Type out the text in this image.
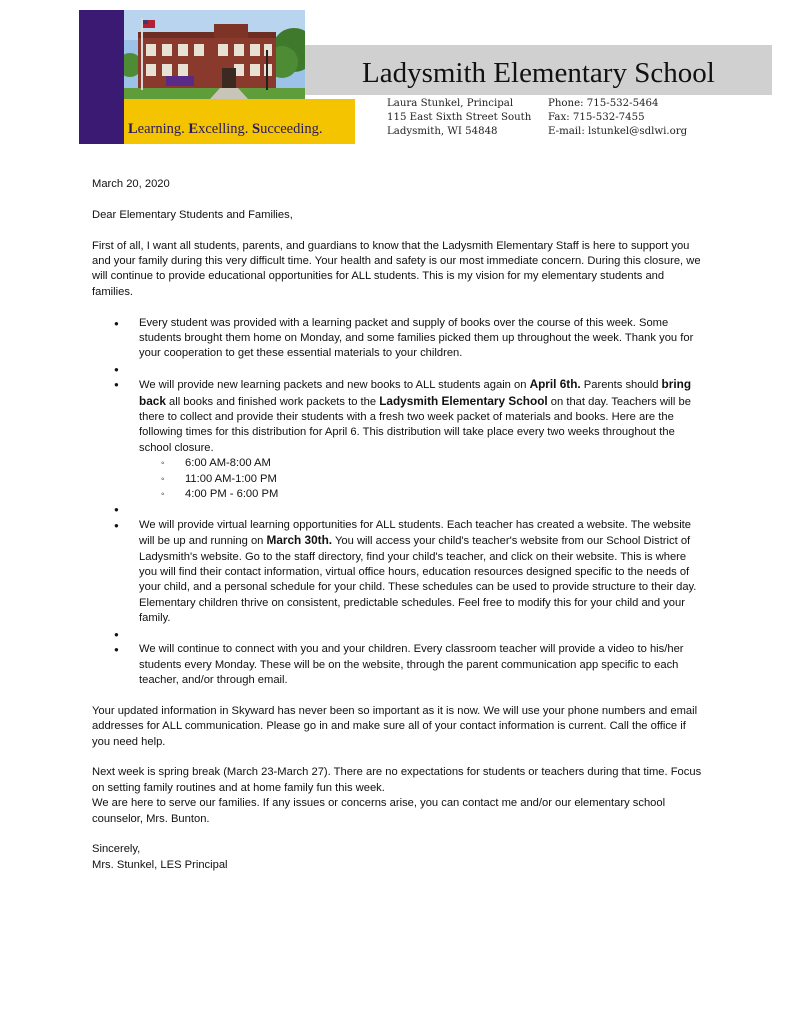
Learning. Excelling. Succeeding.
Ladysmith Elementary School
Laura Stunkel, Principal
115 East Sixth Street South
Ladysmith, WI 54848
Phone: 715-532-5464
Fax: 715-532-7455
E-mail: lstunkel@sdlwi.org

March 20, 2020

Dear Elementary Students and Families,

First of all, I want all students, parents, and guardians to know that the Ladysmith Elementary Staff is here to support you and your family during this very difficult time. Your health and safety is our most immediate concern. During this closure, we will continue to provide educational opportunities for ALL students. This is my vision for my elementary students and families.

● Every student was provided with a learning packet and supply of books over the course of this week. Some students brought them home on Monday, and some families picked them up throughout the week. Thank you for your cooperation to get these essential materials to your children.
●
● We will provide new learning packets and new books to ALL students again on April 6th. Parents should bring back all books and finished work packets to the Ladysmith Elementary School on that day. Teachers will be there to collect and provide their students with a fresh two week packet of materials and books. Here are the following times for this distribution for April 6. This distribution will take place every two weeks throughout the school closure.
◦ 6:00 AM-8:00 AM
◦ 11:00 AM-1:00 PM
◦ 4:00 PM - 6:00 PM
●
● We will provide virtual learning opportunities for ALL students. Each teacher has created a website. The website will be up and running on March 30th. You will access your child's teacher's website from our School District of Ladysmith's website. Go to the staff directory, find your child's teacher, and click on their website. This is where you will find their contact information, virtual office hours, education resources designed specific to the needs of your child, and a personal schedule for your child. These schedules can be used to provide structure to their day. Elementary children thrive on consistent, predictable schedules. Feel free to modify this for your child and your family.
●
● We will continue to connect with you and your children. Every classroom teacher will provide a video to his/her students every Monday. These will be on the website, through the parent communication app specific to each teacher, and/or through email.

Your updated information in Skyward has never been so important as it is now. We will use your phone numbers and email addresses for ALL communication. Please go in and make sure all of your contact information is current. Call the office if you need help.

Next week is spring break (March 23-March 27). There are no expectations for students or teachers during that time. Focus on setting family routines and at home family fun this week.

We are here to serve our families. If any issues or concerns arise, you can contact me and/or our elementary school counselor, Mrs. Bunton.

Sincerely,

Mrs. Stunkel, LES Principal
